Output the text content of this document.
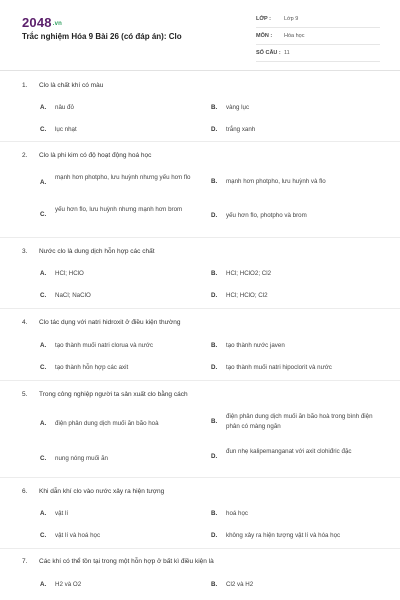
2048.vn
Trắc nghiệm Hóa 9 Bài 26 (có đáp án): Clo
LỚP : Lớp 9
MÔN : Hóa học
SỐ CÂU : 11
1. Clo là chất khí có màu
A. nâu đỏ	B. vàng lục
C. lục nhạt	D. trắng xanh
2. Clo là phi kim có độ hoạt động hoá học
A.
mạnh hơn photpho, lưu huỳnh nhưng yếu hơn flo
B. mạnh hơn photpho, lưu huỳnh và flo
C.
yếu hơn flo, lưu huỳnh nhưng mạnh hơn brom
D. yếu hơn flo, photpho và brom
3. Nước clo là dung dịch hỗn hợp các chất
A. HCl; HClO	B. HCl; HClO2; Cl2
C. NaCl; NaClO	D. HCl; HClO; Cl2
4. Clo tác dụng với natri hidroxit ở điều kiện thường
A. tạo thành muối natri clorua và nước	B. tạo thành nước javen
C. tạo thành hỗn hợp các axit	D. tạo thành muối natri hipoclorit và nước
5. Trong công nghiệp người ta sản xuất clo bằng cách
A. điện phân dung dịch muối ăn bão hoà	B.
điện phân dung dịch muối ăn bão hoà trong bình điện phân có màng ngăn
C. nung nóng muối ăn	D.
đun nhẹ kalipemanganat với axit clohiđric đặc
6. Khi dẫn khí clo vào nước xảy ra hiện tượng
A. vật lí	B. hoá học
C. vật lí và hoá học	D. không xảy ra hiện tượng vật lí và hóa học
7. Các khí có thể tồn tại trong một hỗn hợp ở bất kì điều kiện là
A. H2 và O2	B. Cl2 và H2
